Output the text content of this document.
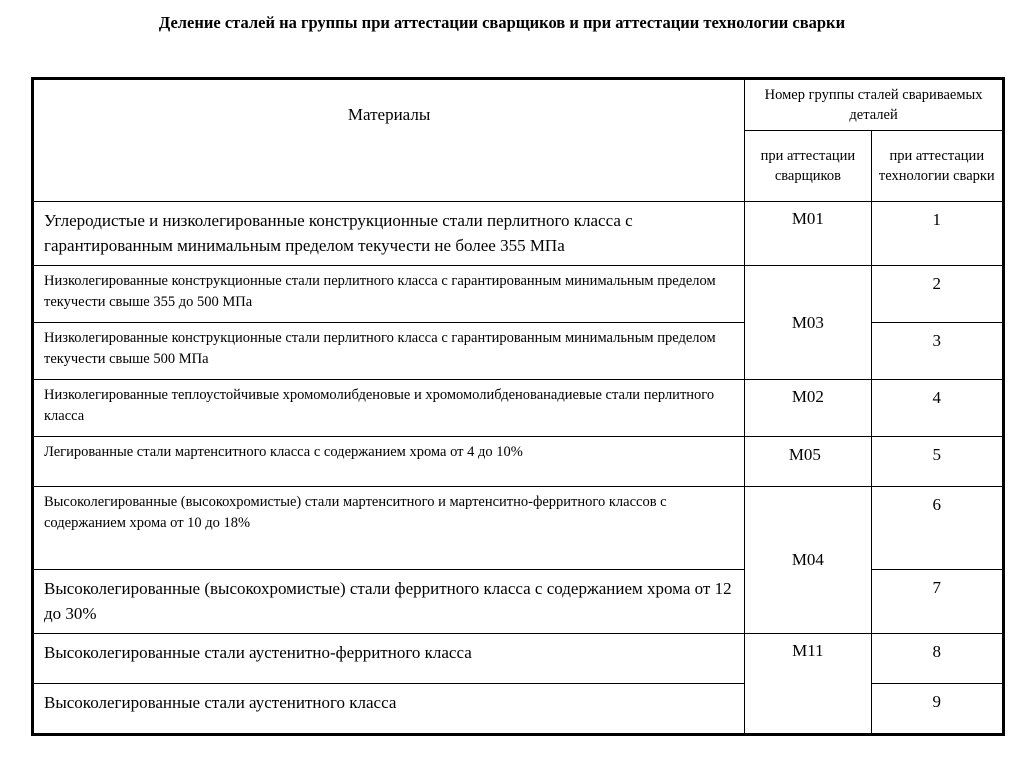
Деление сталей на группы при аттестации сварщиков и при аттестации технологии сварки
Материалы	Номер группы сталей свариваемых деталей	
	при аттестации сварщиков	при аттестации технологии сварки
Углеродистые и низколегированные конструкционные стали перлитного класса с гарантированным минимальным пределом текучести не более 355 МПа	М01	1
Низколегированные конструкционные стали перлитного класса с гарантированным минимальным пределом текучести свыше 355 до 500 МПа	М03	2
Низколегированные конструкционные стали перлитного класса с гарантированным минимальным пределом текучести свыше 500 МПа		3
Низколегированные теплоустойчивые хромомолибденовые и хромомолибденованадиевые стали перлитного класса	М02	4
Легированные стали мартенситного класса с содержанием хрома от 4 до 10%	М05	5
Высоколегированные (высокохромистые) стали мартенситного и мартенситно-ферритного классов с содержанием хрома от 10 до 18%	М04	6
Высоколегированные (высокохромистые) стали ферритного класса с содержанием хрома от 12 до 30%		7
Высоколегированные стали аустенитно-ферритного класса	М11	8
Высоколегированные стали аустенитного класса		9
